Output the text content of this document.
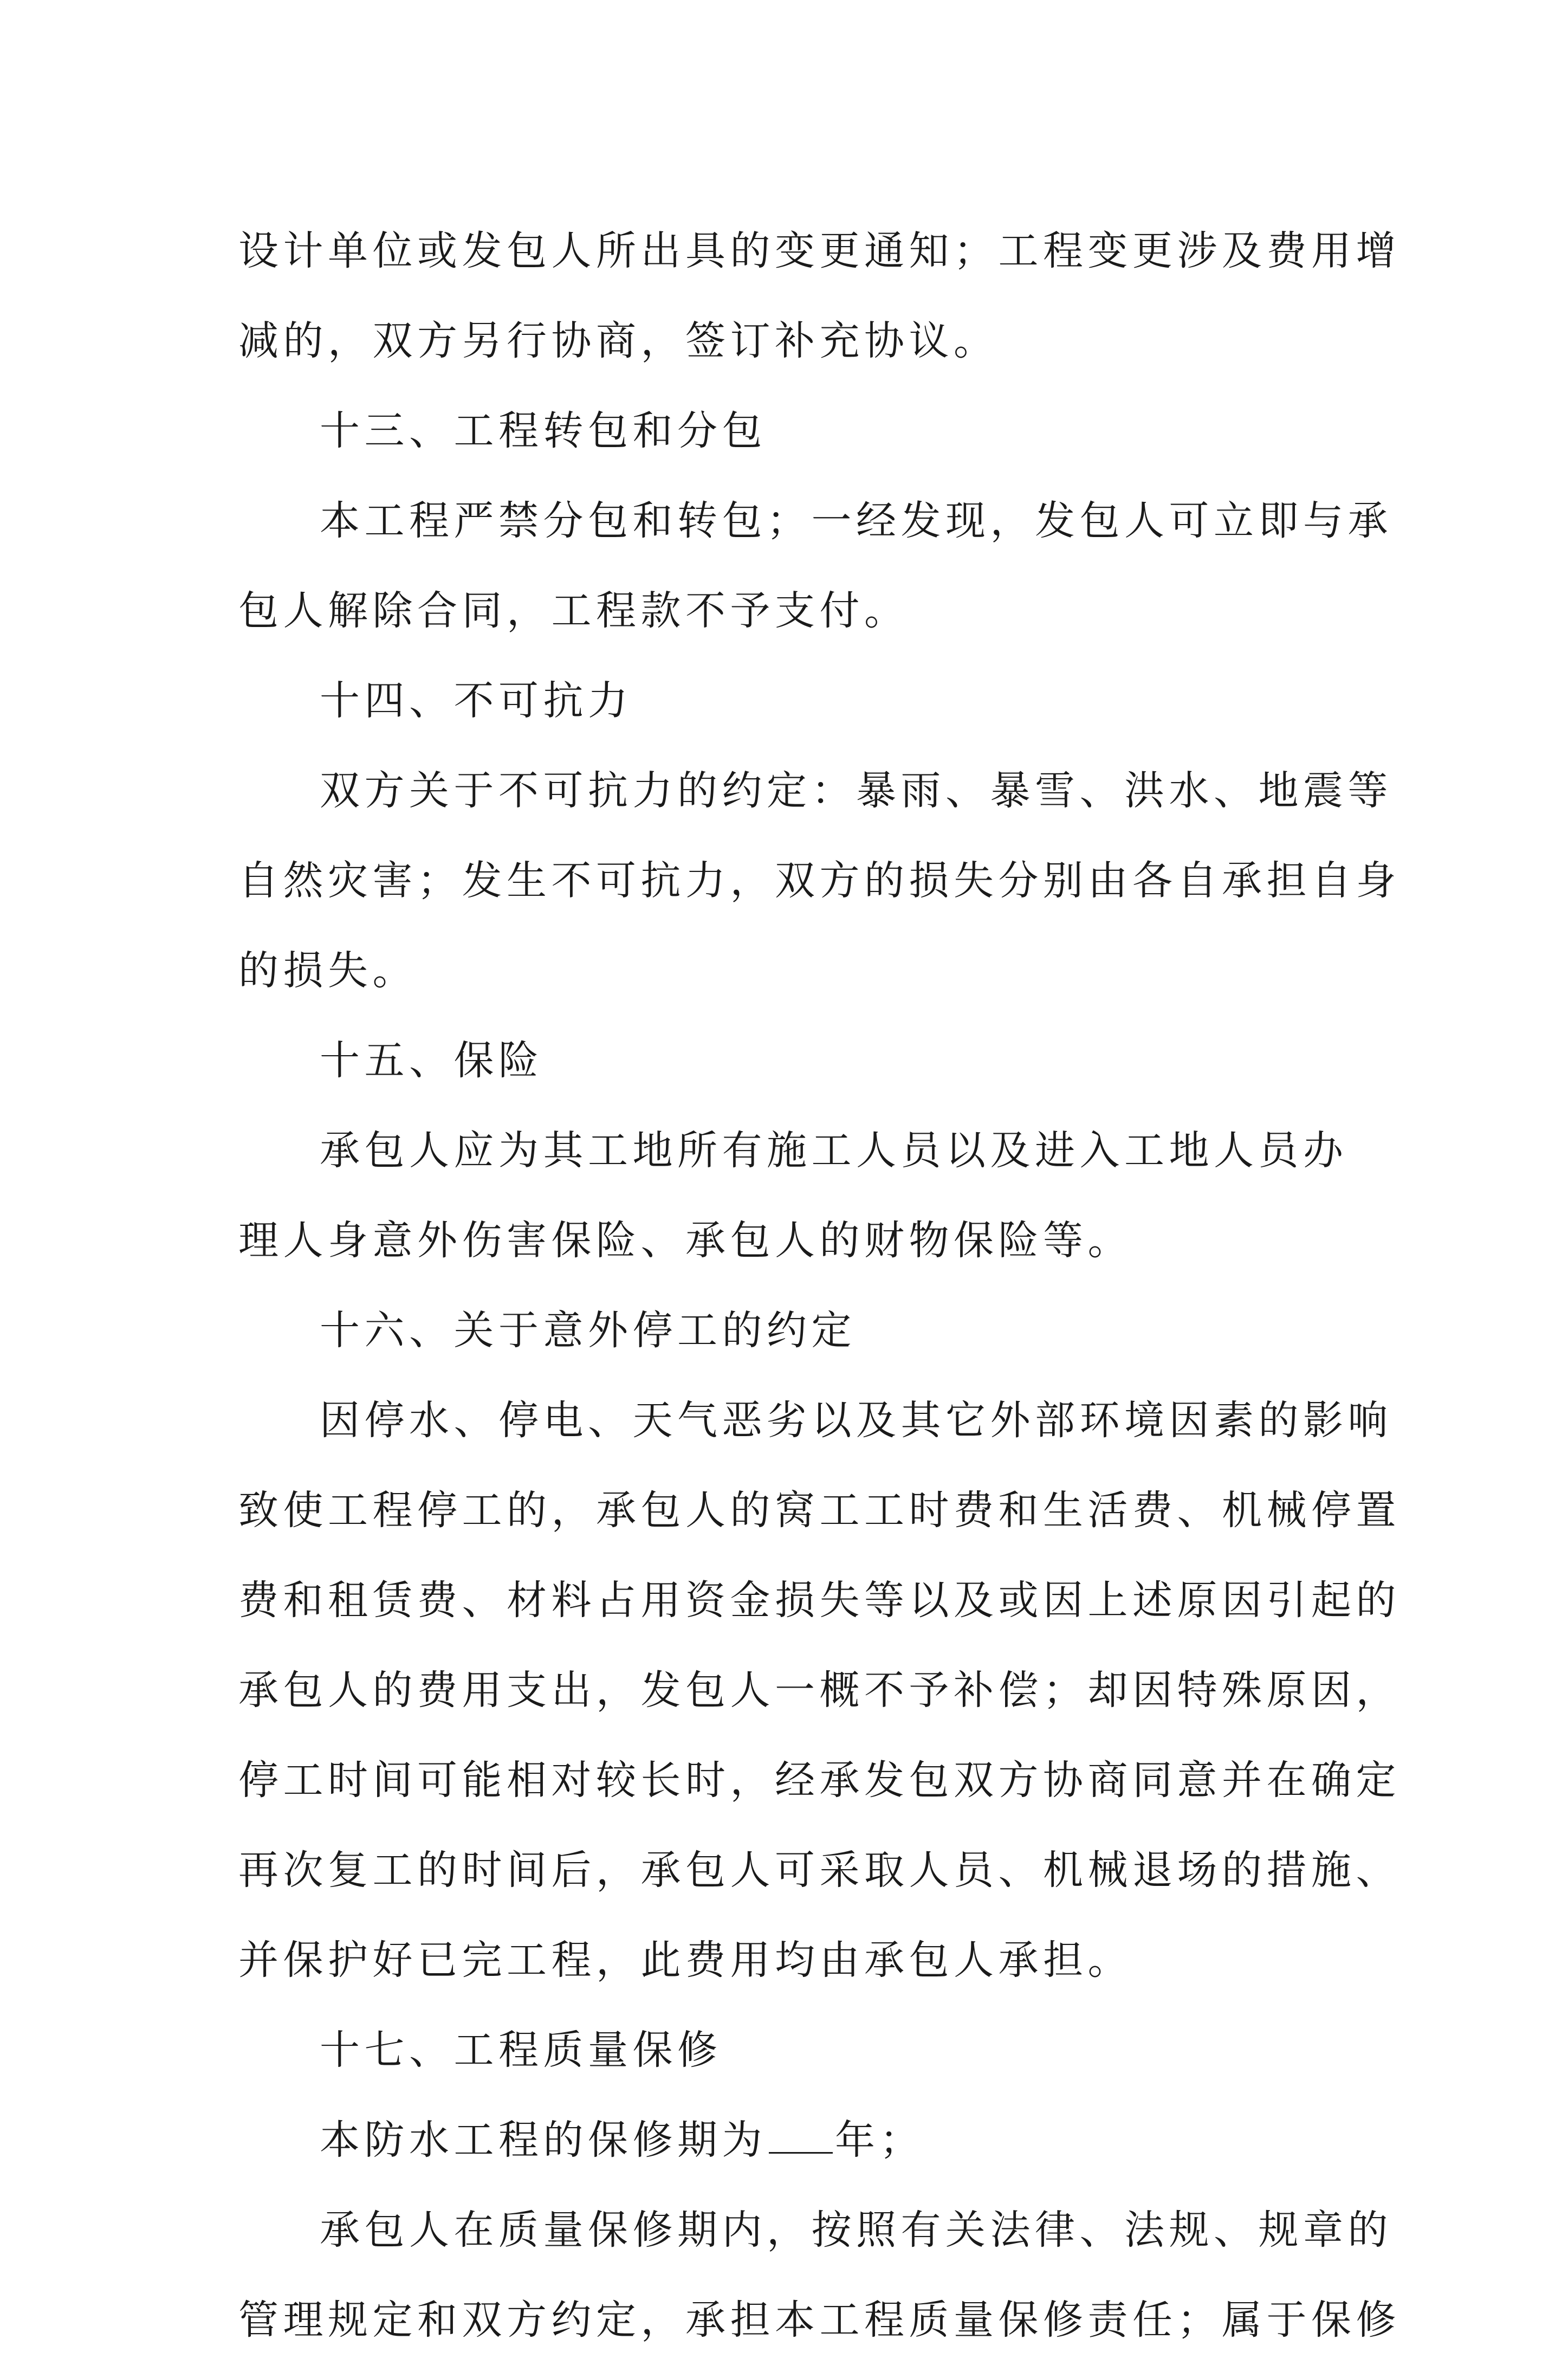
设计单位或发包人所出具的变更通知；工程变更涉及费用增
减的，双方另行协商，签订补充协议。
十三、工程转包和分包
本工程严禁分包和转包；一经发现，发包人可立即与承
包人解除合同，工程款不予支付。
十四、不可抗力
双方关于不可抗力的约定：暴雨、暴雪、洪水、地震等
自然灾害；发生不可抗力，双方的损失分别由各自承担自身
的损失。
十五、保险
承包人应为其工地所有施工人员以及进入工地人员办
理人身意外伤害保险、承包人的财物保险等。
十六、关于意外停工的约定
因停水、停电、天气恶劣以及其它外部环境因素的影响
致使工程停工的，承包人的窝工工时费和生活费、机械停置
费和租赁费、材料占用资金损失等以及或因上述原因引起的
承包人的费用支出，发包人一概不予补偿；却因特殊原因，
停工时间可能相对较长时，经承发包双方协商同意并在确定
再次复工的时间后，承包人可采取人员、机械退场的措施、
并保护好已完工程，此费用均由承包人承担。
十七、工程质量保修
本防水工程的保修期为 年；
承包人在质量保修期内，按照有关法律、法规、规章的
管理规定和双方约定，承担本工程质量保修责任；属于保修
